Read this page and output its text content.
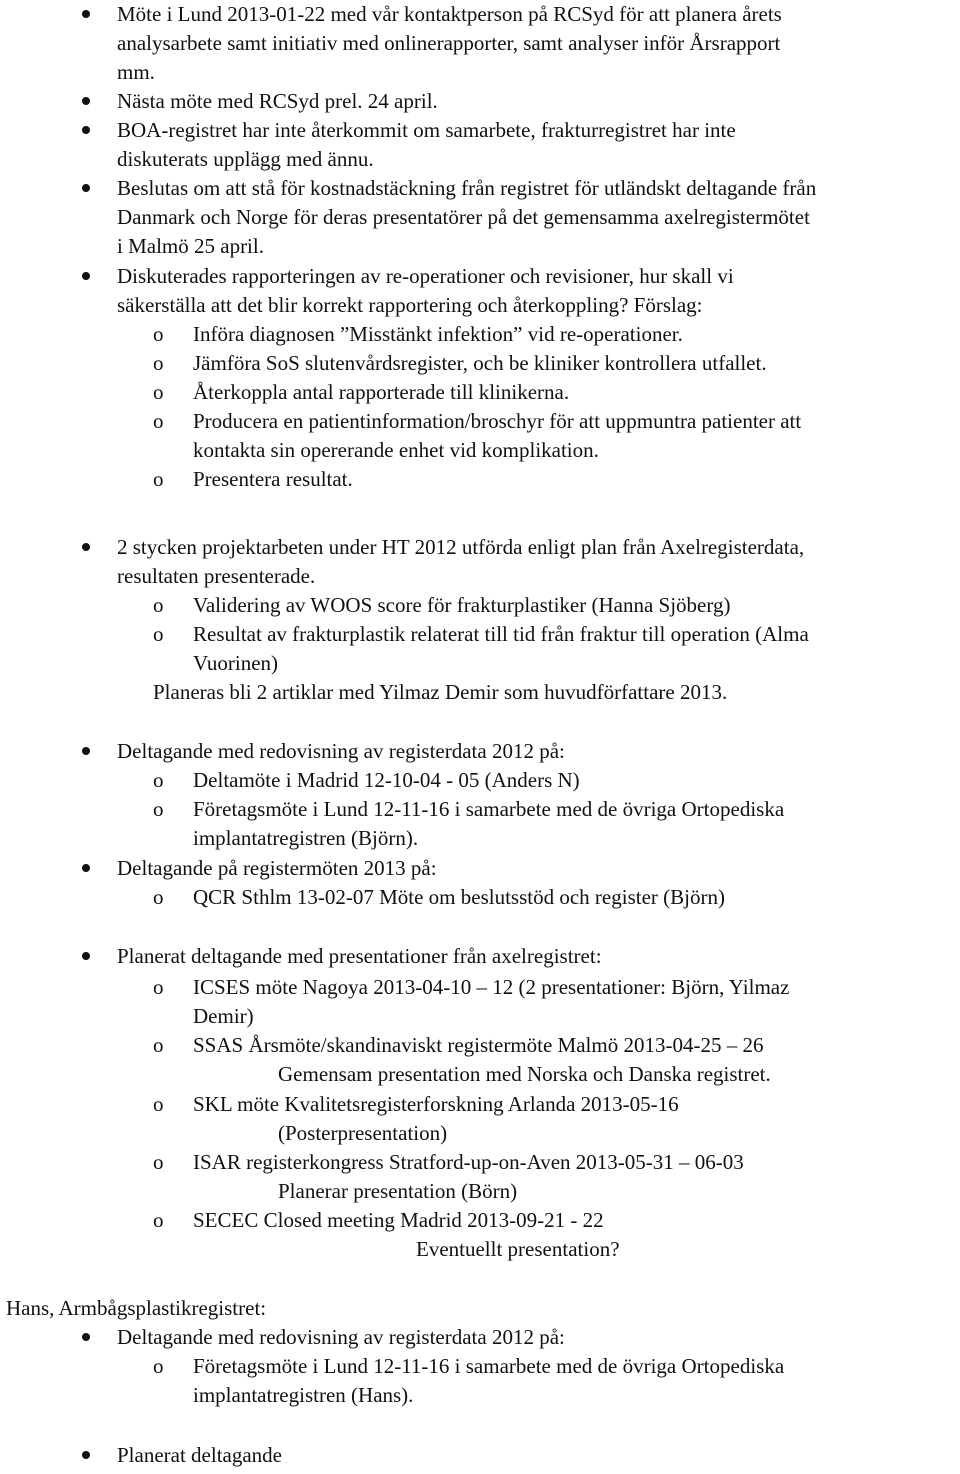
Möte i Lund 2013-01-22 med vår kontaktperson på RCSyd för att planera årets
analysarbete samt initiativ med onlinerapporter, samt analyser inför Årsrapport
mm.
Nästa möte med RCSyd prel. 24 april.
BOA-registret har inte återkommit om samarbete, frakturregistret har inte
diskuterats upplägg med ännu.
Beslutas om att stå för kostnadstäckning från registret för utländskt deltagande från
Danmark och Norge för deras presentatörer på det gemensamma axelregistermötet
i Malmö 25 april.
Diskuterades rapporteringen av re-operationer och revisioner, hur skall vi
säkerställa att det blir korrekt rapportering och återkoppling? Förslag:
o Införa diagnosen ”Misstänkt infektion” vid re-operationer.
o Jämföra SoS slutenvårdsregister, och be kliniker kontrollera utfallet.
o Återkoppla antal rapporterade till klinikerna.
o Producera en patientinformation/broschyr för att uppmuntra patienter att
kontakta sin opererande enhet vid komplikation.
o Presentera resultat.
2 stycken projektarbeten under HT 2012 utförda enligt plan från Axelregisterdata,
resultaten presenterade.
o Validering av WOOS score för frakturplastiker (Hanna Sjöberg)
o Resultat av frakturplastik relaterat till tid från fraktur till operation (Alma
Vuorinen)
Planeras bli 2 artiklar med Yilmaz Demir som huvudförfattare 2013.
Deltagande med redovisning av registerdata 2012 på:
o Deltamöte i Madrid 12-10-04 - 05 (Anders N)
o Företagsmöte i Lund 12-11-16 i samarbete med de övriga Ortopediska
implantatregistren (Björn).
Deltagande på registermöten 2013 på:
o QCR Sthlm 13-02-07 Möte om beslutsstöd och register (Björn)
Planerat deltagande med presentationer från axelregistret:
o ICSES möte Nagoya 2013-04-10 – 12 (2 presentationer: Björn, Yilmaz
Demir)
o SSAS Årsmöte/skandinaviskt registermöte Malmö 2013-04-25 – 26
Gemensam presentation med Norska och Danska registret.
o SKL möte Kvalitetsregisterforskning Arlanda 2013-05-16
(Posterpresentation)
o ISAR registerkongress Stratford-up-on-Aven 2013-05-31 – 06-03
Planerar presentation (Börn)
o SECEC Closed meeting Madrid 2013-09-21 - 22
Eventuellt presentation?
Hans, Armbågsplastikregistret:
Deltagande med redovisning av registerdata 2012 på:
o Företagsmöte i Lund 12-11-16 i samarbete med de övriga Ortopediska
implantatregistren (Hans).
Planerat deltagande
